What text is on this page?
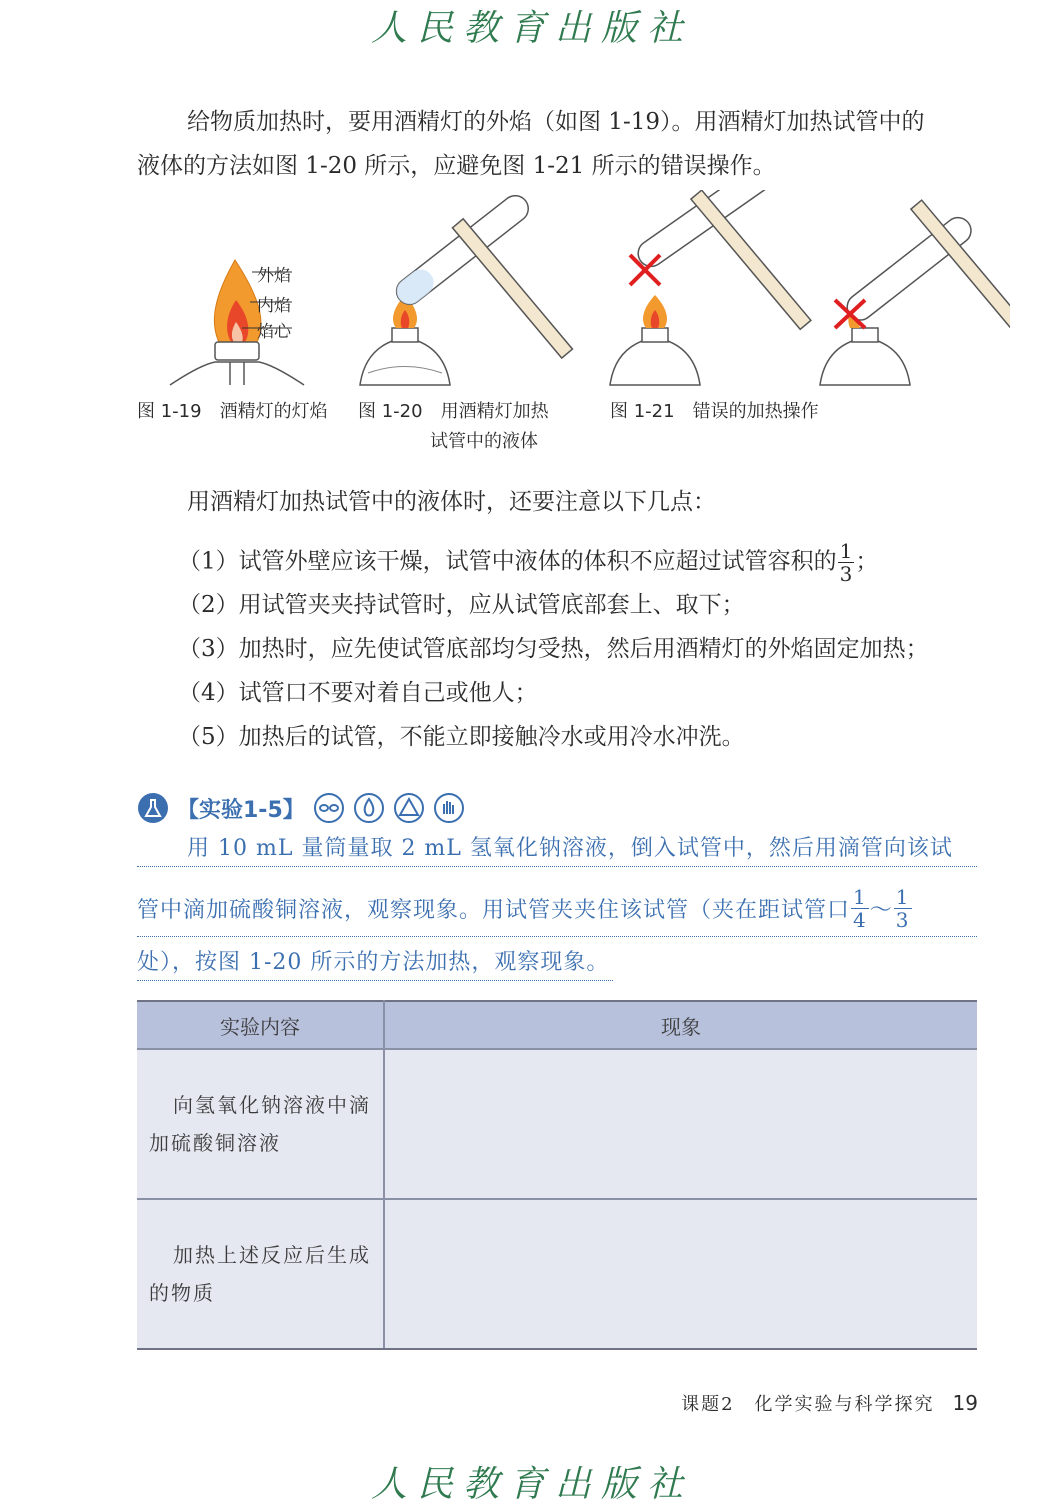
人民教育出版社
给物质加热时，要用酒精灯的外焰（如图 1-19）。用酒精灯加热试管中的
液体的方法如图 1-20 所示，应避免图 1-21 所示的错误操作。
外焰
内焰
焰心
图 1-19　酒精灯的灯焰 图 1-20　用酒精灯加热
试管中的液体
图 1-21　错误的加热操作
用酒精灯加热试管中的液体时，还要注意以下几点：
（1）试管外壁应该干燥，试管中液体的体积不应超过试管容积的 $\frac{1}{3}$ ；
（2）用试管夹夹持试管时，应从试管底部套上、取下；
（3）加热时，应先使试管底部均匀受热，然后用酒精灯的外焰固定加热；
（4）试管口不要对着自己或他人；
（5）加热后的试管，不能立即接触冷水或用冷水冲洗。
【实验1-5】
用 10 mL 量筒量取 2 mL 氢氧化钠溶液，倒入试管中，然后用滴管向该试
管中滴加硫酸铜溶液，观察现象。用试管夹夹住该试管（夹在距试管口 $\frac{1}{4}$ ～ $\frac{1}{3}$
处），按图 1-20 所示的方法加热，观察现象。
实验内容	现象

向氢氧化钠溶液中滴
加硫酸铜溶液	

加热上述反应后生成
的物质	

课题2　化学实验与科学探究 19
人民教育出版社
